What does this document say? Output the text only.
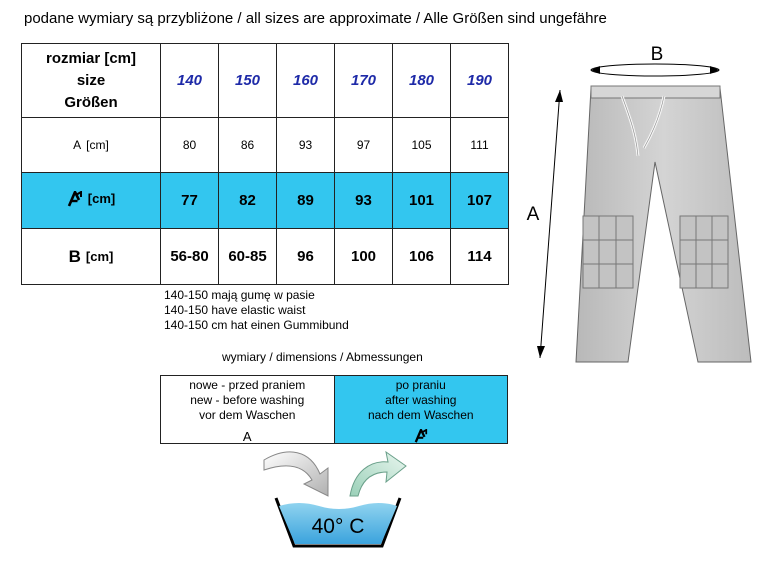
podane wymiary są przybliżone / all sizes are approximate / Alle Größen sind ungefähre
rozmiar [cm]
size
Größen	140	150	160	170	180	190

A [cm]	80	86	93	97	105	111

[cm]	77	82	89	93	101	107

B [cm]	56-80	60-85	96	100	106	114
140-150 mają gumę w pasie
140-150 have elastic waist
140-150 cm hat einen Gummibund
wymiary / dimensions / Abmessungen
nowe - przed praniem
new - before washing
vor dem Waschen
A
po praniu
after washing
nach dem Waschen
40° C
B
A
